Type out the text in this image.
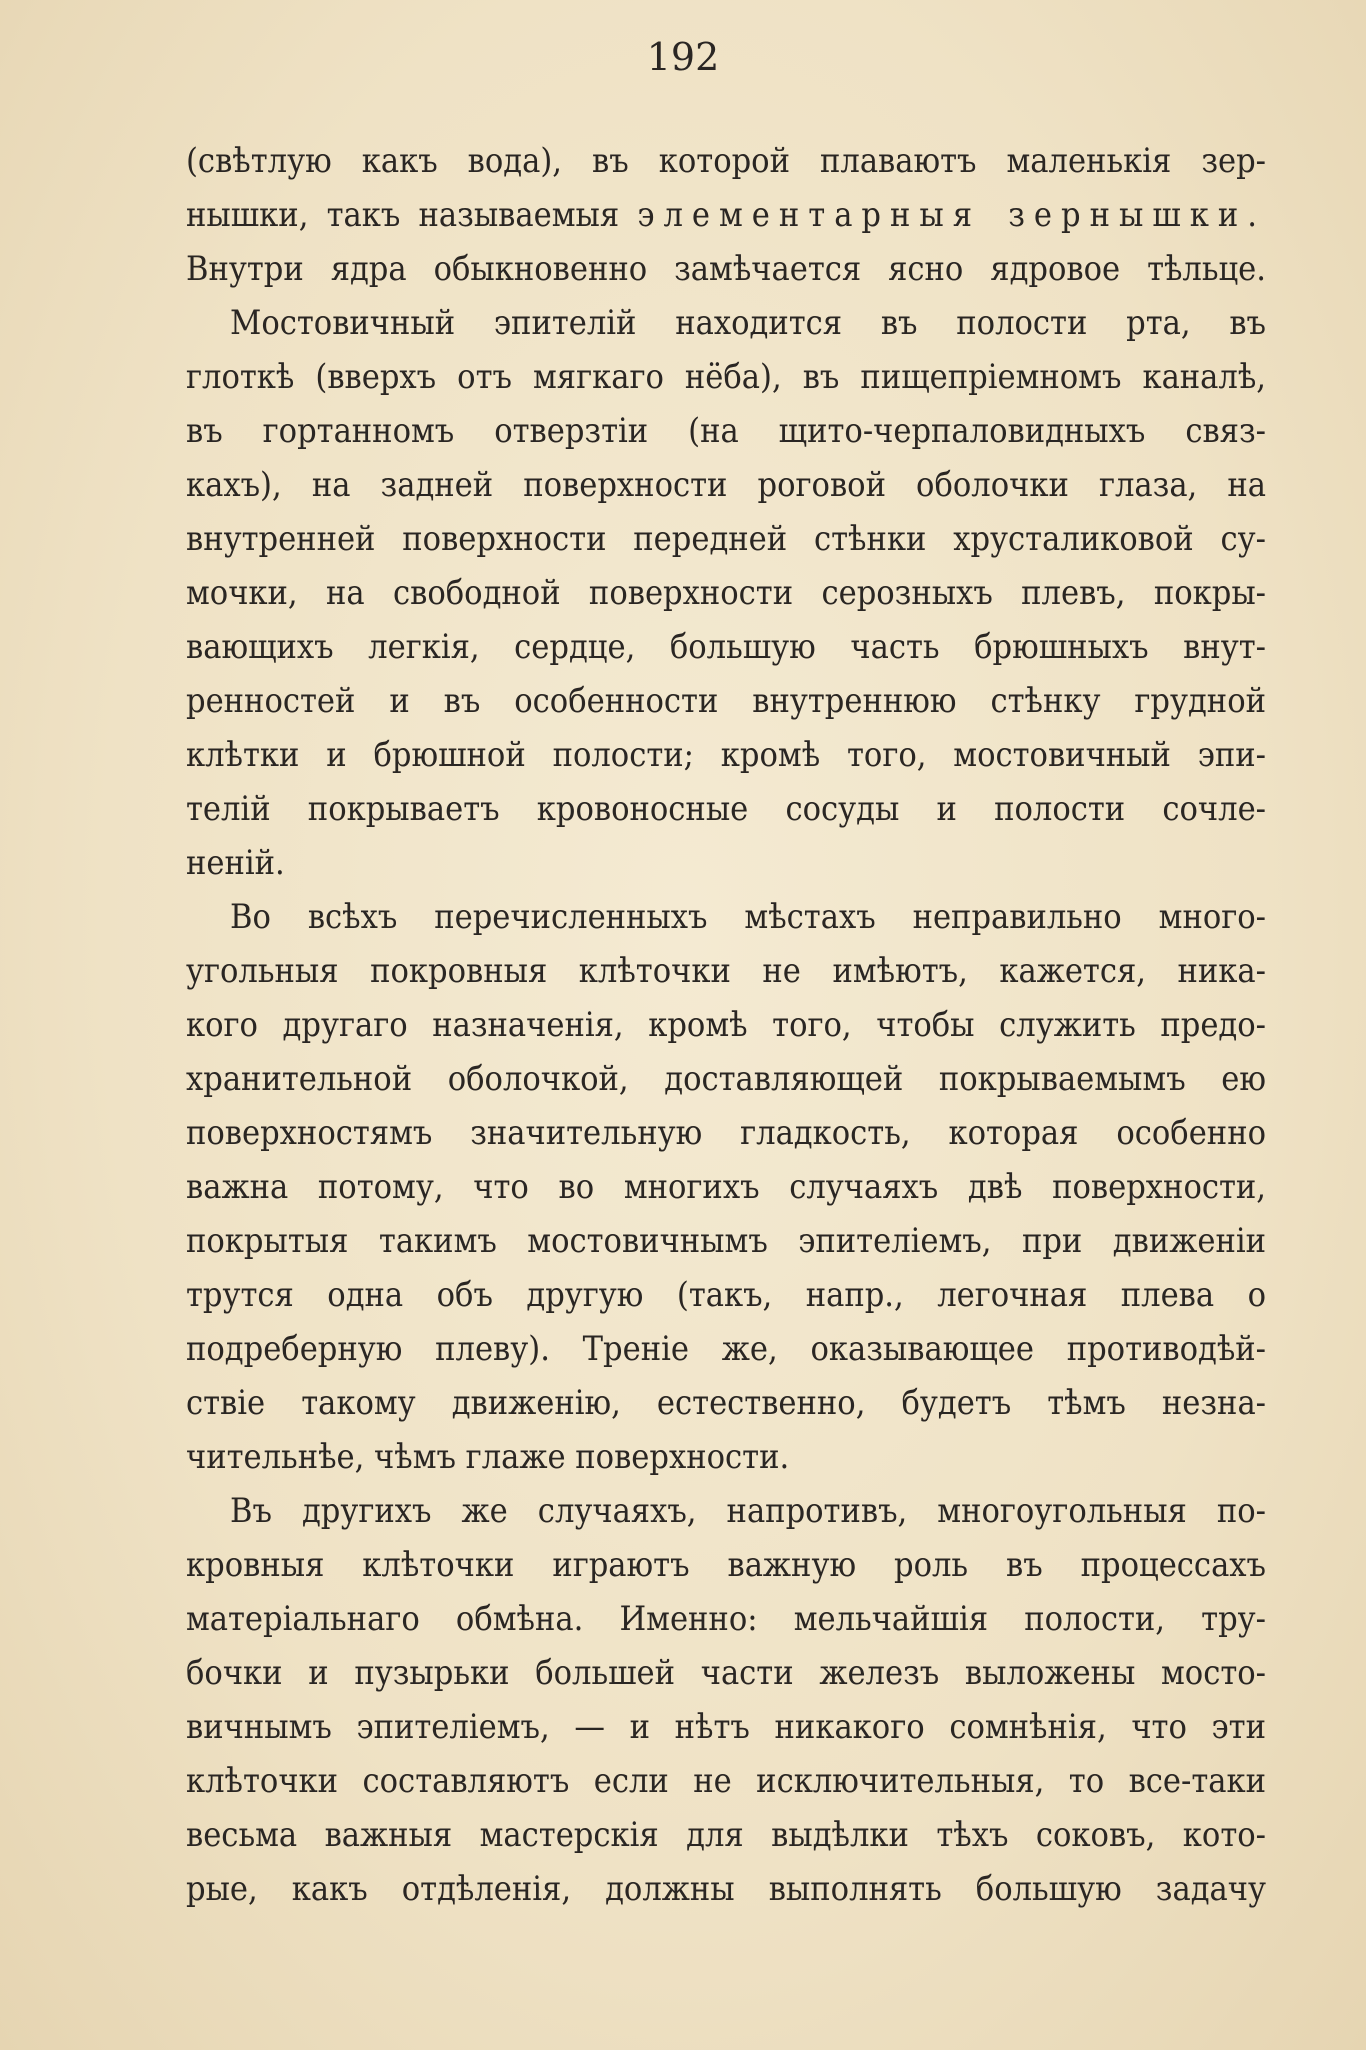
192
(свѣтлую какъ вода), въ которой плаваютъ маленькія зер-
нышки, такъ называемыя элементарныя зернышки.
Внутри ядра обыкновенно замѣчается ясно ядровое тѣльце.
Мостовичный эпителій находится въ полости рта, въ
глоткѣ (вверхъ отъ мягкаго нёба), въ пищепріемномъ каналѣ,
въ гортанномъ отверзтіи (на щито-черпаловидныхъ связ-
кахъ), на задней поверхности роговой оболочки глаза, на
внутренней поверхности передней стѣнки хрусталиковой су-
мочки, на свободной поверхности серозныхъ плевъ, покры-
вающихъ легкія, сердце, большую часть брюшныхъ внут-
ренностей и въ особенности внутреннюю стѣнку грудной
клѣтки и брюшной полости; кромѣ того, мостовичный эпи-
телій покрываетъ кровоносные сосуды и полости сочле-
неній.
Во всѣхъ перечисленныхъ мѣстахъ неправильно много-
угольныя покровныя клѣточки не имѣютъ, кажется, ника-
кого другаго назначенія, кромѣ того, чтобы служить предо-
хранительной оболочкой, доставляющей покрываемымъ ею
поверхностямъ значительную гладкость, которая особенно
важна потому, что во многихъ случаяхъ двѣ поверхности,
покрытыя такимъ мостовичнымъ эпителіемъ, при движеніи
трутся одна объ другую (такъ, напр., легочная плева о
подреберную плеву). Треніе же, оказывающее противодѣй-
ствіе такому движенію, естественно, будетъ тѣмъ незна-
чительнѣе, чѣмъ глаже поверхности.
Въ другихъ же случаяхъ, напротивъ, многоугольныя по-
кровныя клѣточки играютъ важную роль въ процессахъ
матеріальнаго обмѣна. Именно: мельчайшія полости, тру-
бочки и пузырьки большей части железъ выложены мосто-
вичнымъ эпителіемъ, — и нѣтъ никакого сомнѣнія, что эти
клѣточки составляютъ если не исключительныя, то все-таки
весьма важныя мастерскія для выдѣлки тѣхъ соковъ, кото-
рые, какъ отдѣленія, должны выполнять большую задачу
